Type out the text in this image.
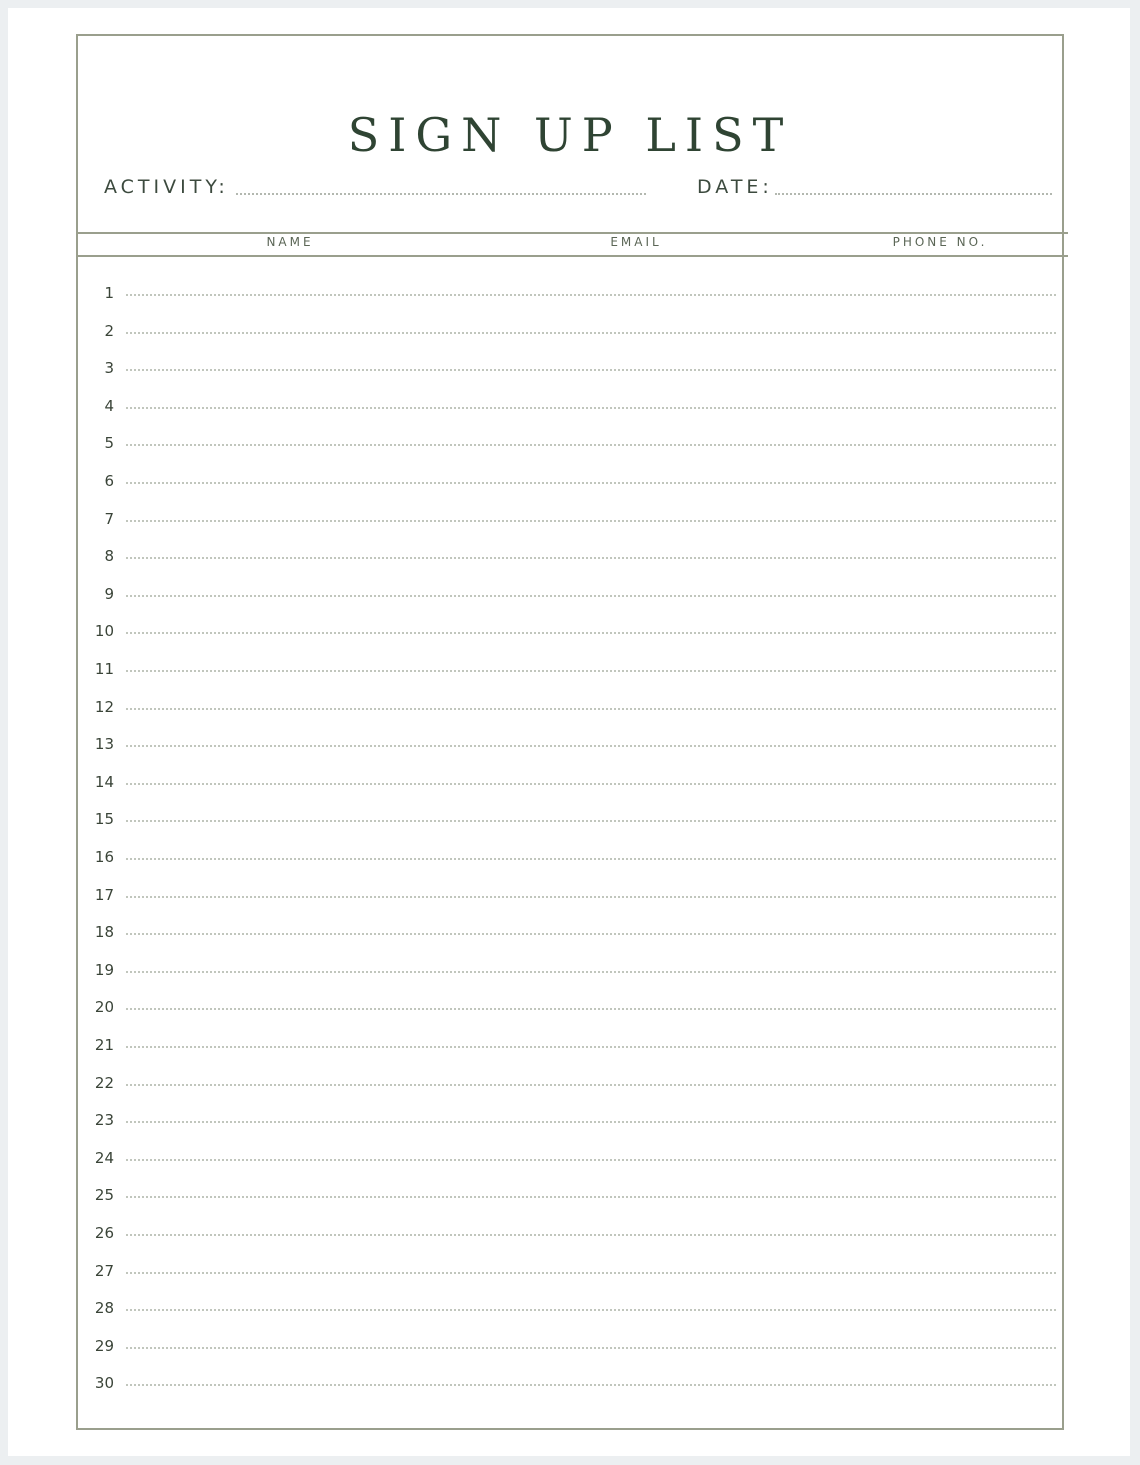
SIGN UP LIST
ACTIVITY:	DATE:
NAME	EMAIL	PHONE NO.
1
2
3
4
5
6
7
8
9
10
11
12
13
14
15
16
17
18
19
20
21
22
23
24
25
26
27
28
29
30
